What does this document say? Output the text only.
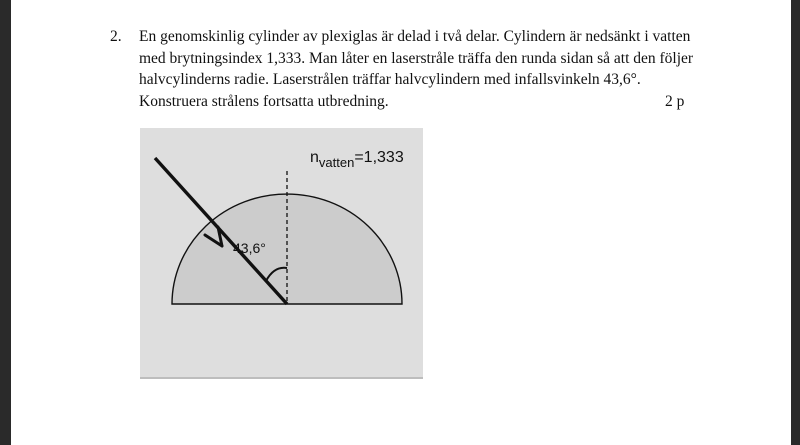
2. En genomskinlig cylinder av plexiglas är delad i två delar. Cylindern är nedsänkt i vatten
med brytningsindex 1,333. Man låter en laserstråle träffa den runda sidan så att den följer
halvcylinderns radie. Laserstrålen träffar halvcylindern med infallsvinkeln 43,6°.
Konstruera strålens fortsatta utbredning.	2 p
43,6°
$n_{vatten}=1,333$
